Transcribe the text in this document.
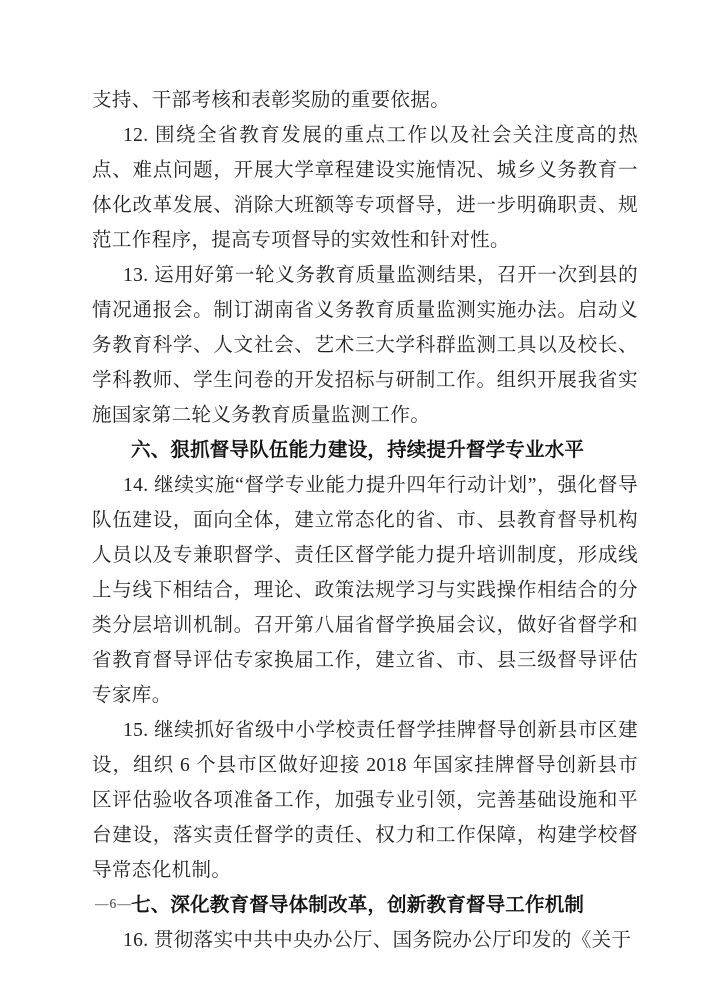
支持、干部考核和表彰奖励的重要依据。

12. 围绕全省教育发展的重点工作以及社会关注度高的热点、难点问题，开展大学章程建设实施情况、城乡义务教育一体化改革发展、消除大班额等专项督导，进一步明确职责、规范工作程序，提高专项督导的实效性和针对性。

13. 运用好第一轮义务教育质量监测结果，召开一次到县的情况通报会。制订湖南省义务教育质量监测实施办法。启动义务教育科学、人文社会、艺术三大学科群监测工具以及校长、学科教师、学生问卷的开发招标与研制工作。组织开展我省实施国家第二轮义务教育质量监测工作。

六、狠抓督导队伍能力建设，持续提升督学专业水平

14. 继续实施“督学专业能力提升四年行动计划”，强化督导队伍建设，面向全体，建立常态化的省、市、县教育督导机构人员以及专兼职督学、责任区督学能力提升培训制度，形成线上与线下相结合，理论、政策法规学习与实践操作相结合的分类分层培训机制。召开第八届省督学换届会议，做好省督学和省教育督导评估专家换届工作，建立省、市、县三级督导评估专家库。

15. 继续抓好省级中小学校责任督学挂牌督导创新县市区建设，组织 6 个县市区做好迎接 2018 年国家挂牌督导创新县市区评估验收各项准备工作，加强专业引领，完善基础设施和平台建设，落实责任督学的责任、权力和工作保障，构建学校督导常态化机制。

七、深化教育督导体制改革，创新教育督导工作机制

16. 贯彻落实中共中央办公厅、国务院办公厅印发的《关于

—6—
